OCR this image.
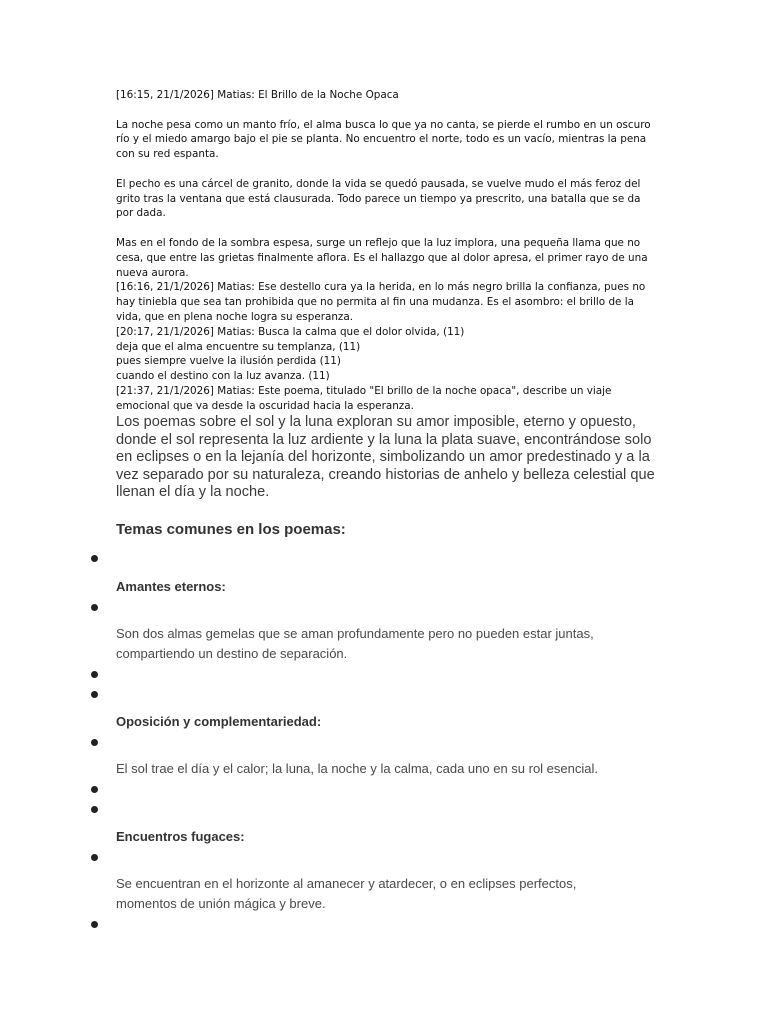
[16:15, 21/1/2026] Matias: El Brillo de la Noche Opaca

La noche pesa como un manto frío, el alma busca lo que ya no canta, se pierde el rumbo en un oscuro río y el miedo amargo bajo el pie se planta. No encuentro el norte, todo es un vacío, mientras la pena con su red espanta.

El pecho es una cárcel de granito, donde la vida se quedó pausada, se vuelve mudo el más feroz del grito tras la ventana que está clausurada. Todo parece un tiempo ya prescrito, una batalla que se da por dada.

Mas en el fondo de la sombra espesa, surge un reflejo que la luz implora, una pequeña llama que no cesa, que entre las grietas finalmente aflora. Es el hallazgo que al dolor apresa, el primer rayo de una nueva aurora.

[16:16, 21/1/2026] Matias: Ese destello cura ya la herida, en lo más negro brilla la confianza, pues no hay tiniebla que sea tan prohibida que no permita al fin una mudanza. Es el asombro: el brillo de la vida, que en plena noche logra su esperanza.

[20:17, 21/1/2026] Matias: Busca la calma que el dolor olvida, (11)

deja que el alma encuentre su templanza, (11)

pues siempre vuelve la ilusión perdida (11)

cuando el destino con la luz avanza. (11)

[21:37, 21/1/2026] Matias: Este poema, titulado "El brillo de la noche opaca", describe un viaje emocional que va desde la oscuridad hacia la esperanza.

Los poemas sobre el sol y la luna exploran su amor imposible, eterno y opuesto, donde el sol representa la luz ardiente y la luna la plata suave, encontrándose solo en eclipses o en la lejanía del horizonte, simbolizando un amor predestinado y a la vez separado por su naturaleza, creando historias de anhelo y belleza celestial que llenan el día y la noche.

Temas comunes en los poemas:

Amantes eternos:

Son dos almas gemelas que se aman profundamente pero no pueden estar juntas, compartiendo un destino de separación.

Oposición y complementariedad:

El sol trae el día y el calor; la luna, la noche y la calma, cada uno en su rol esencial.

Encuentros fugaces:

Se encuentran en el horizonte al amanecer y atardecer, o en eclipses perfectos, momentos de unión mágica y breve.
